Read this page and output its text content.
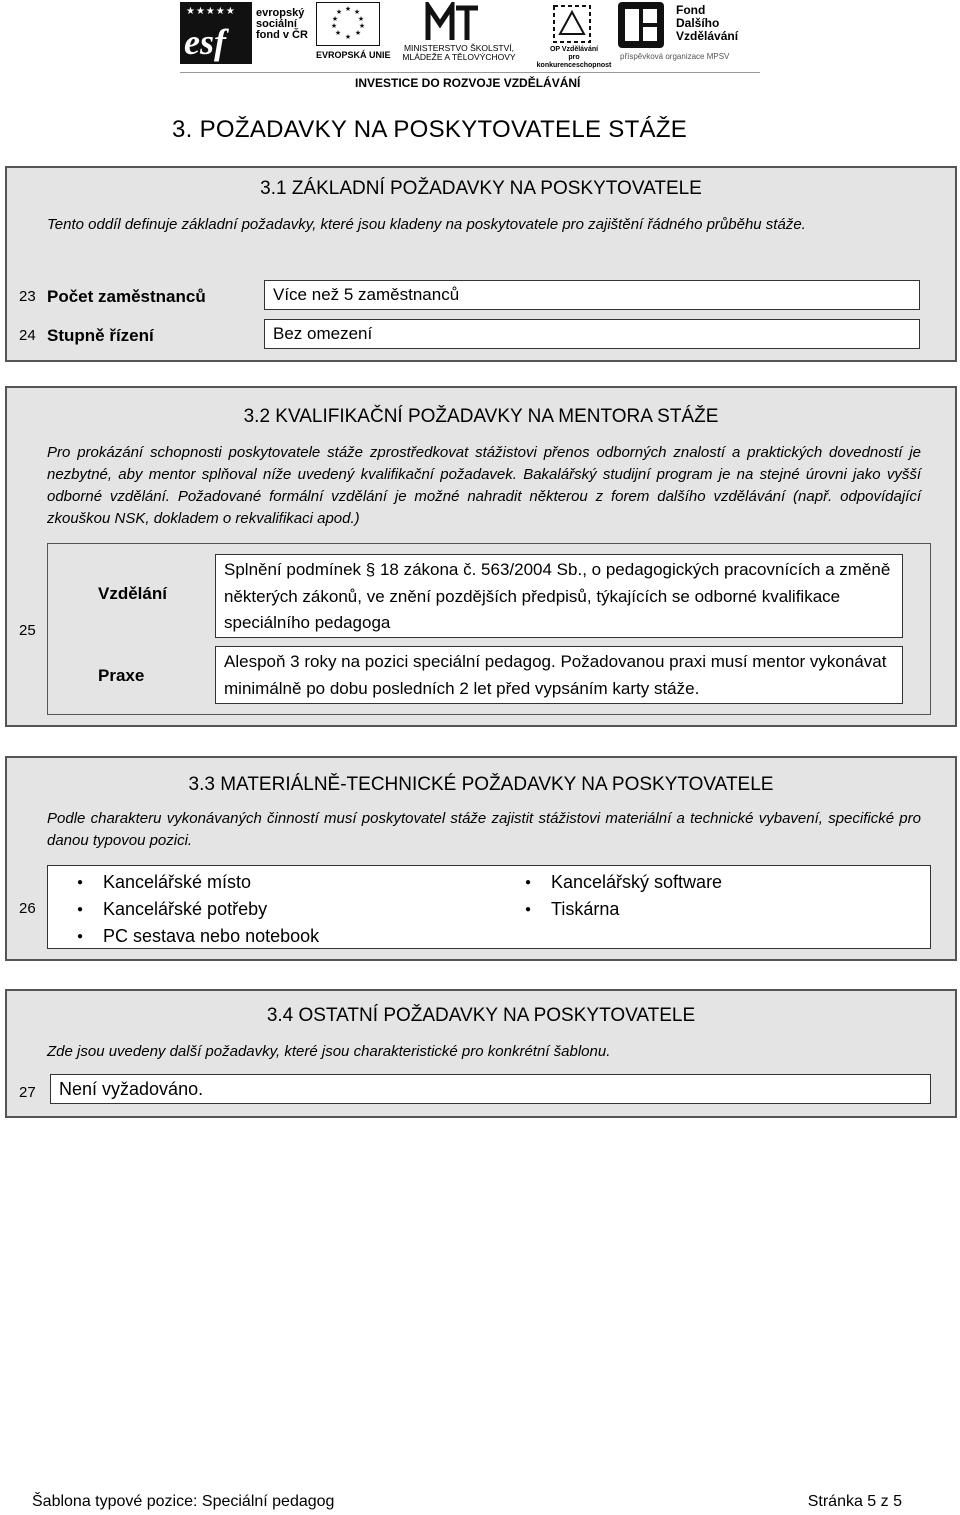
★★★★★
esf
evropský
sociální
fond v ČR
★ ★
★
★
★
★
★
★
★
★
EVROPSKÁ UNIE
MINISTERSTVO ŠKOLSTVÍ,
MLÁDEŽE A TĚLOVÝCHOVY
OP Vzdělávání
pro konkurenceschopnost
Fond
Dalšího
Vzdělávání
příspěvková organizace MPSV
INVESTICE DO ROZVOJE VZDĚLÁVÁNÍ
3. POŽADAVKY NA POSKYTOVATELE STÁŽE
3.1 ZÁKLADNÍ POŽADAVKY NA POSKYTOVATELE
Tento oddíl definuje základní požadavky, které jsou kladeny na poskytovatele pro zajištění řádného průběhu stáže.
23 Počet zaměstnanců	Více než 5 zaměstnanců
24 Stupně řízení	Bez omezení
3.2 KVALIFIKAČNÍ POŽADAVKY NA MENTORA STÁŽE
Pro prokázání schopnosti poskytovatele stáže zprostředkovat stážistovi přenos odborných znalostí a praktických dovedností je nezbytné, aby mentor splňoval níže uvedený kvalifikační požadavek. Bakalářský studijní program je na stejné úrovni jako vyšší odborné vzdělání. Požadované formální vzdělání je možné nahradit některou z forem dalšího vzdělávání (např. odpovídající zkouškou NSK, dokladem o rekvalifikaci apod.)
25
Vzdělání
Splnění podmínek § 18 zákona č. 563/2004 Sb., o pedagogických pracovnících a změně některých zákonů, ve znění pozdějších předpisů, týkajících se odborné kvalifikace speciálního pedagoga
Praxe
Alespoň 3 roky na pozici speciální pedagog. Požadovanou praxi musí mentor vykonávat minimálně po dobu posledních 2 let před vypsáním karty stáže.
3.3 MATERIÁLNĚ-TECHNICKÉ POŽADAVKY NA POSKYTOVATELE
Podle charakteru vykonávaných činností musí poskytovatel stáže zajistit stážistovi materiální a technické vybavení, specifické pro danou typovou pozici.
26
● Kancelářské místo
● Kancelářské potřeby
● PC sestava nebo notebook
● Kancelářský software
● Tiskárna
3.4 OSTATNÍ POŽADAVKY NA POSKYTOVATELE
Zde jsou uvedeny další požadavky, které jsou charakteristické pro konkrétní šablonu.
27	Není vyžadováno.
Šablona typové pozice: Speciální pedagog	Stránka 5 z 5
